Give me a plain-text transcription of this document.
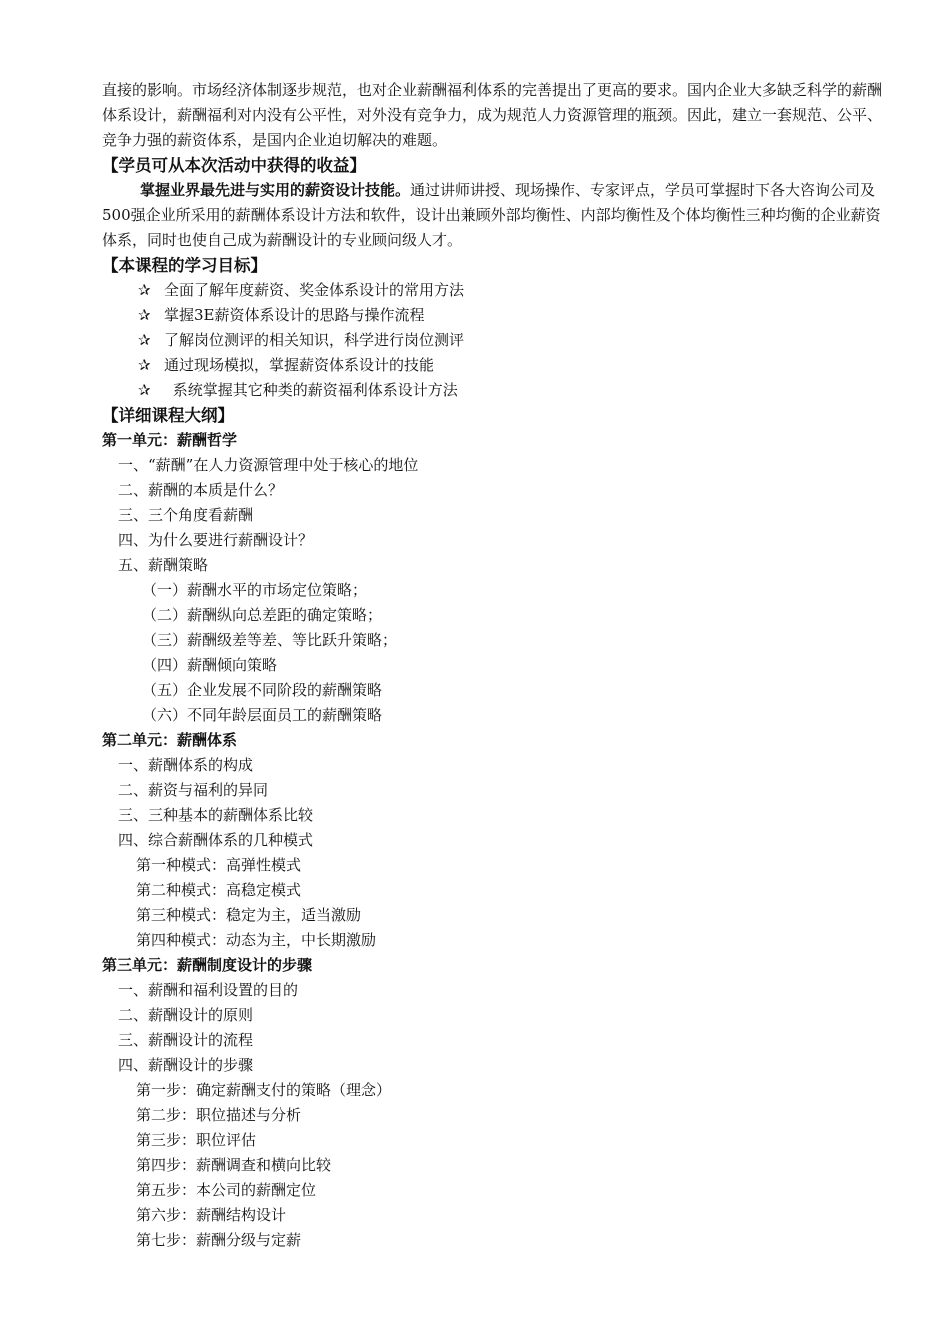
直接的影响。市场经济体制逐步规范，也对企业薪酬福利体系的完善提出了更高的要求。国内企业大多缺乏科学的薪酬体系设计，薪酬福利对内没有公平性，对外没有竞争力，成为规范人力资源管理的瓶颈。因此，建立一套规范、公平、竞争力强的薪资体系，是国内企业迫切解决的难题。

【学员可从本次活动中获得的收益】

掌握业界最先进与实用的薪资设计技能。通过讲师讲授、现场操作、专家评点，学员可掌握时下各大咨询公司及500强企业所采用的薪酬体系设计方法和软件，设计出兼顾外部均衡性、内部均衡性及个体均衡性三种均衡的企业薪资体系，同时也使自己成为薪酬设计的专业顾问级人才。

【本课程的学习目标】

✰ 全面了解年度薪资、奖金体系设计的常用方法
✰ 掌握3E薪资体系设计的思路与操作流程
✰ 了解岗位测评的相关知识，科学进行岗位测评
✰ 通过现场模拟，掌握薪资体系设计的技能
✰ 系统掌握其它种类的薪资福利体系设计方法

【详细课程大纲】

第一单元：薪酬哲学

一、“薪酬”在人力资源管理中处于核心的地位

二、薪酬的本质是什么？

三、三个角度看薪酬

四、为什么要进行薪酬设计？

五、薪酬策略

（一）薪酬水平的市场定位策略；

（二）薪酬纵向总差距的确定策略；

（三）薪酬级差等差、等比跃升策略；

（四）薪酬倾向策略

（五）企业发展不同阶段的薪酬策略

（六）不同年龄层面员工的薪酬策略

第二单元：薪酬体系

一、薪酬体系的构成

二、薪资与福利的异同

三、三种基本的薪酬体系比较

四、综合薪酬体系的几种模式

第一种模式：高弹性模式

第二种模式：高稳定模式

第三种模式：稳定为主，适当激励

第四种模式：动态为主，中长期激励

第三单元：薪酬制度设计的步骤

一、薪酬和福利设置的目的

二、薪酬设计的原则

三、薪酬设计的流程

四、薪酬设计的步骤

第一步：确定薪酬支付的策略（理念）

第二步：职位描述与分析

第三步：职位评估

第四步：薪酬调查和横向比较

第五步：本公司的薪酬定位

第六步：薪酬结构设计

第七步：薪酬分级与定薪
